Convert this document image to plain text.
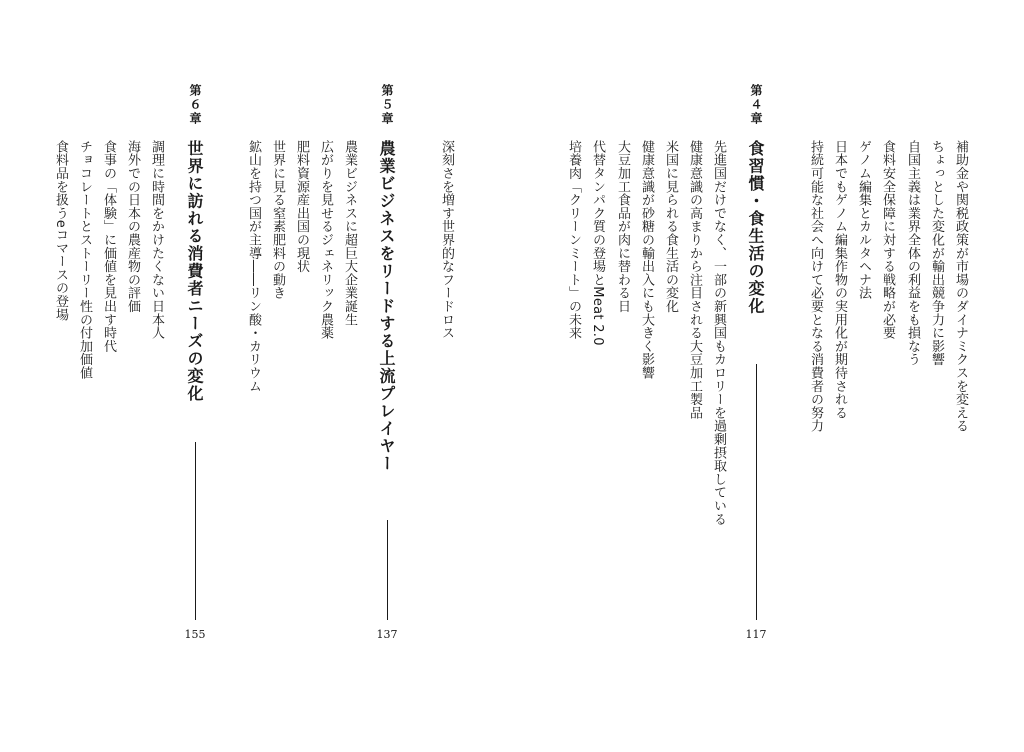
補助金や関税政策が市場のダイナミクスを変える
ちょっとした変化が輸出競争力に影響
自国主義は業界全体の利益をも損なう
食料安全保障に対する戦略が必要
ゲノム編集とカルタヘナ法
日本でもゲノム編集作物の実用化が期待される
持続可能な社会へ向けて必要となる消費者の努力
第４章
食習慣・食生活の変化
117
先進国だけでなく、一部の新興国もカロリーを過剰摂取している
健康意識の高まりから注目される大豆加工製品
米国に見られる食生活の変化
健康意識が砂糖の輸出入にも大きく影響
大豆加工食品が肉に替わる日
代替タンパク質の登場とMeat 2.0
培養肉「クリーンミート」の未来
深刻さを増す世界的なフードロス
第５章
農業ビジネスをリードする上流プレイヤー
137
農業ビジネスに超巨大企業誕生
広がりを見せるジェネリック農薬
肥料資源産出国の現状
世界に見る窒素肥料の動き
鉱山を持つ国が主導――リン酸・カリウム
第６章
世界に訪れる消費者ニーズの変化
155
調理に時間をかけたくない日本人
海外での日本の農産物の評価
食事の「体験」に価値を見出す時代
チョコレートとストーリー性の付加価値
食料品を扱うeコマースの登場
